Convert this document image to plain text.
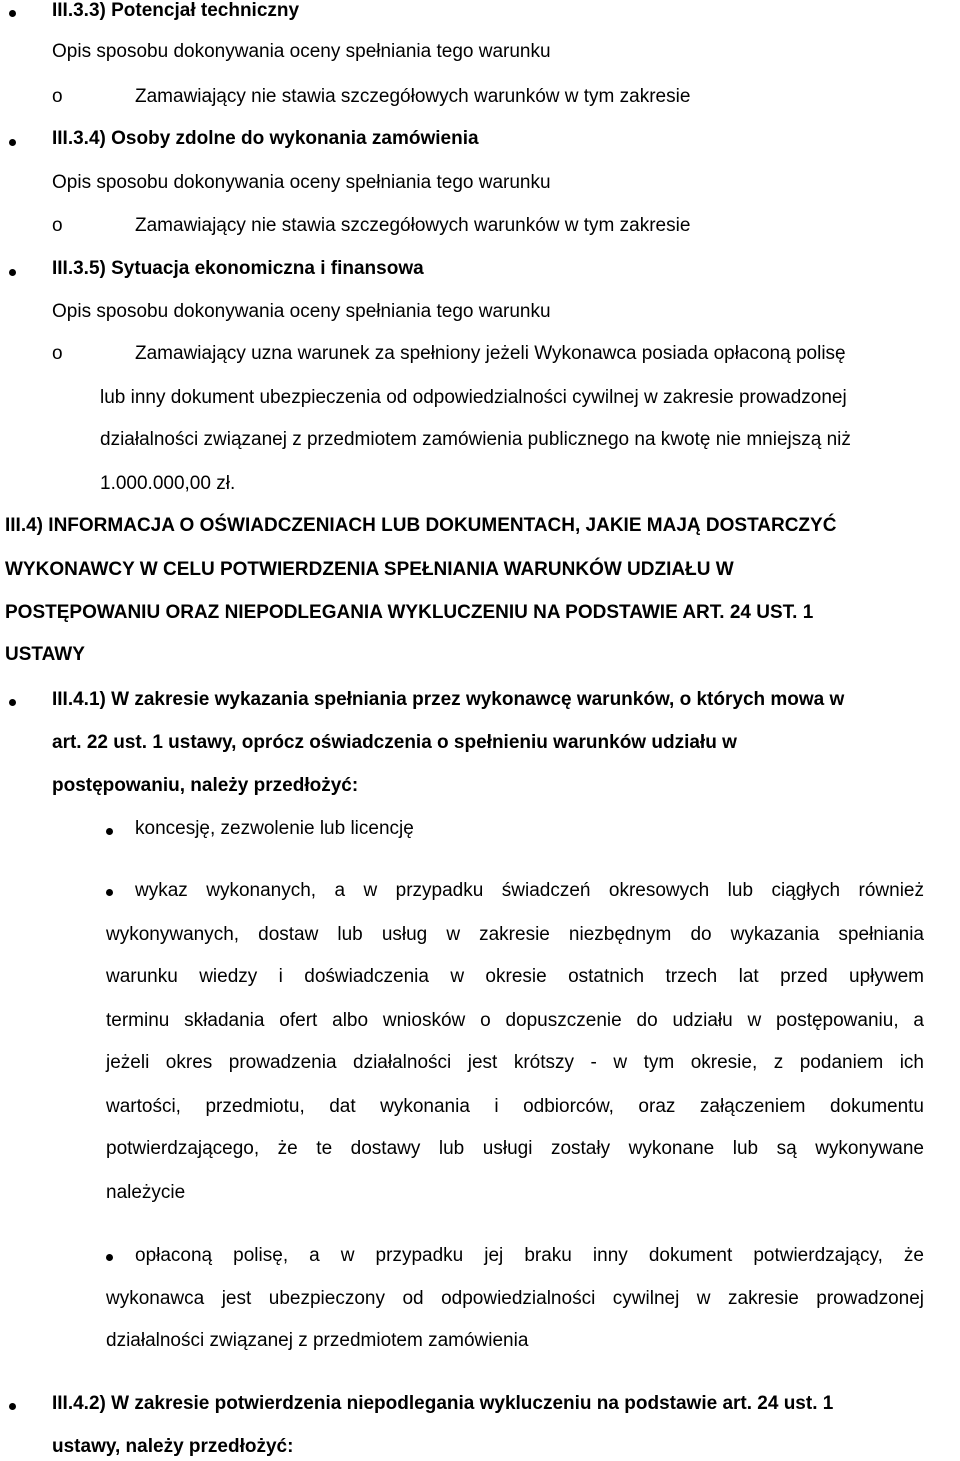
III.3.3) Potencjał techniczny
Opis sposobu dokonywania oceny spełniania tego warunku
o	Zamawiający nie stawia szczegółowych warunków w tym zakresie
III.3.4) Osoby zdolne do wykonania zamówienia
Opis sposobu dokonywania oceny spełniania tego warunku
o	Zamawiający nie stawia szczegółowych warunków w tym zakresie
III.3.5) Sytuacja ekonomiczna i finansowa
Opis sposobu dokonywania oceny spełniania tego warunku
o	Zamawiający uzna warunek za spełniony jeżeli Wykonawca posiada opłaconą polisę
lub inny dokument ubezpieczenia od odpowiedzialności cywilnej w zakresie prowadzonej
działalności związanej z przedmiotem zamówienia publicznego na kwotę nie mniejszą niż
1.000.000,00 zł.
III.4) INFORMACJA O OŚWIADCZENIACH LUB DOKUMENTACH, JAKIE MAJĄ DOSTARCZYĆ
WYKONAWCY W CELU POTWIERDZENIA SPEŁNIANIA WARUNKÓW UDZIAŁU W
POSTĘPOWANIU ORAZ NIEPODLEGANIA WYKLUCZENIU NA PODSTAWIE ART. 24 UST. 1
USTAWY
III.4.1) W zakresie wykazania spełniania przez wykonawcę warunków, o których mowa w
art. 22 ust. 1 ustawy, oprócz oświadczenia o spełnieniu warunków udziału w
postępowaniu, należy przedłożyć:
koncesję, zezwolenie lub licencję
wykaz wykonanych, a w przypadku świadczeń okresowych lub ciągłych również
wykonywanych, dostaw lub usług w zakresie niezbędnym do wykazania spełniania
warunku wiedzy i doświadczenia w okresie ostatnich trzech lat przed upływem
terminu składania ofert albo wniosków o dopuszczenie do udziału w postępowaniu, a
jeżeli okres prowadzenia działalności jest krótszy - w tym okresie, z podaniem ich
wartości, przedmiotu, dat wykonania i odbiorców, oraz załączeniem dokumentu
potwierdzającego, że te dostawy lub usługi zostały wykonane lub są wykonywane
należycie
opłaconą polisę, a w przypadku jej braku inny dokument potwierdzający, że
wykonawca jest ubezpieczony od odpowiedzialności cywilnej w zakresie prowadzonej
działalności związanej z przedmiotem zamówienia
III.4.2) W zakresie potwierdzenia niepodlegania wykluczeniu na podstawie art. 24 ust. 1
ustawy, należy przedłożyć:
